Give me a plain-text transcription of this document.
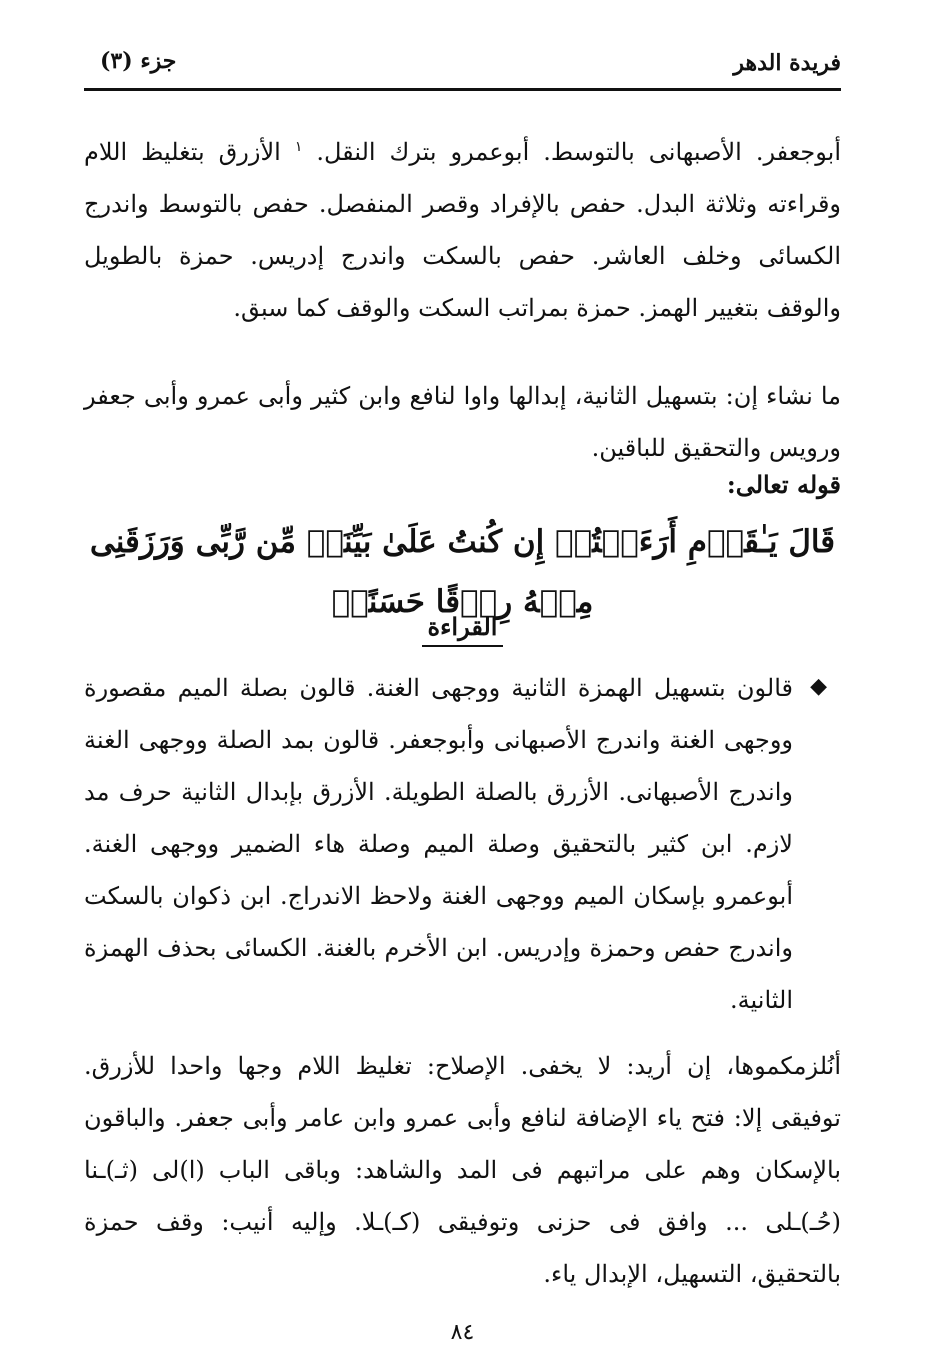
فريدة الدهر
جزء (٣)
أبوجعفر. الأصبهانى بالتوسط. أبوعمرو بترك النقل. $^١$ الأزرق بتغليظ اللام وقراءته وثلاثة البدل. حفص بالإفراد وقصر المنفصل. حفص بالتوسط واندرج الكسائى وخلف العاشر. حفص بالسكت واندرج إدريس. حمزة بالطويل والوقف بتغيير الهمز. حمزة بمراتب السكت والوقف كما سبق.
ما نشاء إن: بتسهيل الثانية، إبدالها واوا لنافع وابن كثير وأبى عمرو وأبى جعفر ورويس والتحقيق للباقين.
قوله تعالى:
قَالَ يَـٰقَوۡمِ أَرَءَيۡتُمۡ إِن كُنتُ عَلَىٰ بَيِّنَةٖ مِّن رَّبِّى وَرَزَقَنِى مِنۡهُ رِزۡقًا حَسَنًاۚ
القراءة
◆
قالون بتسهيل الهمزة الثانية ووجهى الغنة. قالون بصلة الميم مقصورة ووجهى الغنة واندرج الأصبهانى وأبوجعفر. قالون بمد الصلة ووجهى الغنة واندرج الأصبهانى. الأزرق بالصلة الطويلة. الأزرق بإبدال الثانية حرف مد لازم. ابن كثير بالتحقيق وصلة الميم وصلة هاء الضمير ووجهى الغنة. أبوعمرو بإسكان الميم ووجهى الغنة ولاحظ الاندراج. ابن ذكوان بالسكت واندرج حفص وحمزة وإدريس. ابن الأخرم بالغنة. الكسائى بحذف الهمزة الثانية.
أنُلزمكموها، إن أريد: لا يخفى. الإصلاح: تغليظ اللام وجها واحدا للأزرق. توفيقى إلا: فتح ياء الإضافة لنافع وأبى عمرو وابن عامر وأبى جعفر. والباقون بالإسكان وهم على مراتبهم فى المد والشاهد: وباقى الباب (ا)لى (ثـ)ـنا (حُـ)ـلى ... وافق فى حزنى وتوفيقى (كـ)ـلا. وإليه أنيب: وقف حمزة بالتحقيق، التسهيل، الإبدال ياء.
٨٤
